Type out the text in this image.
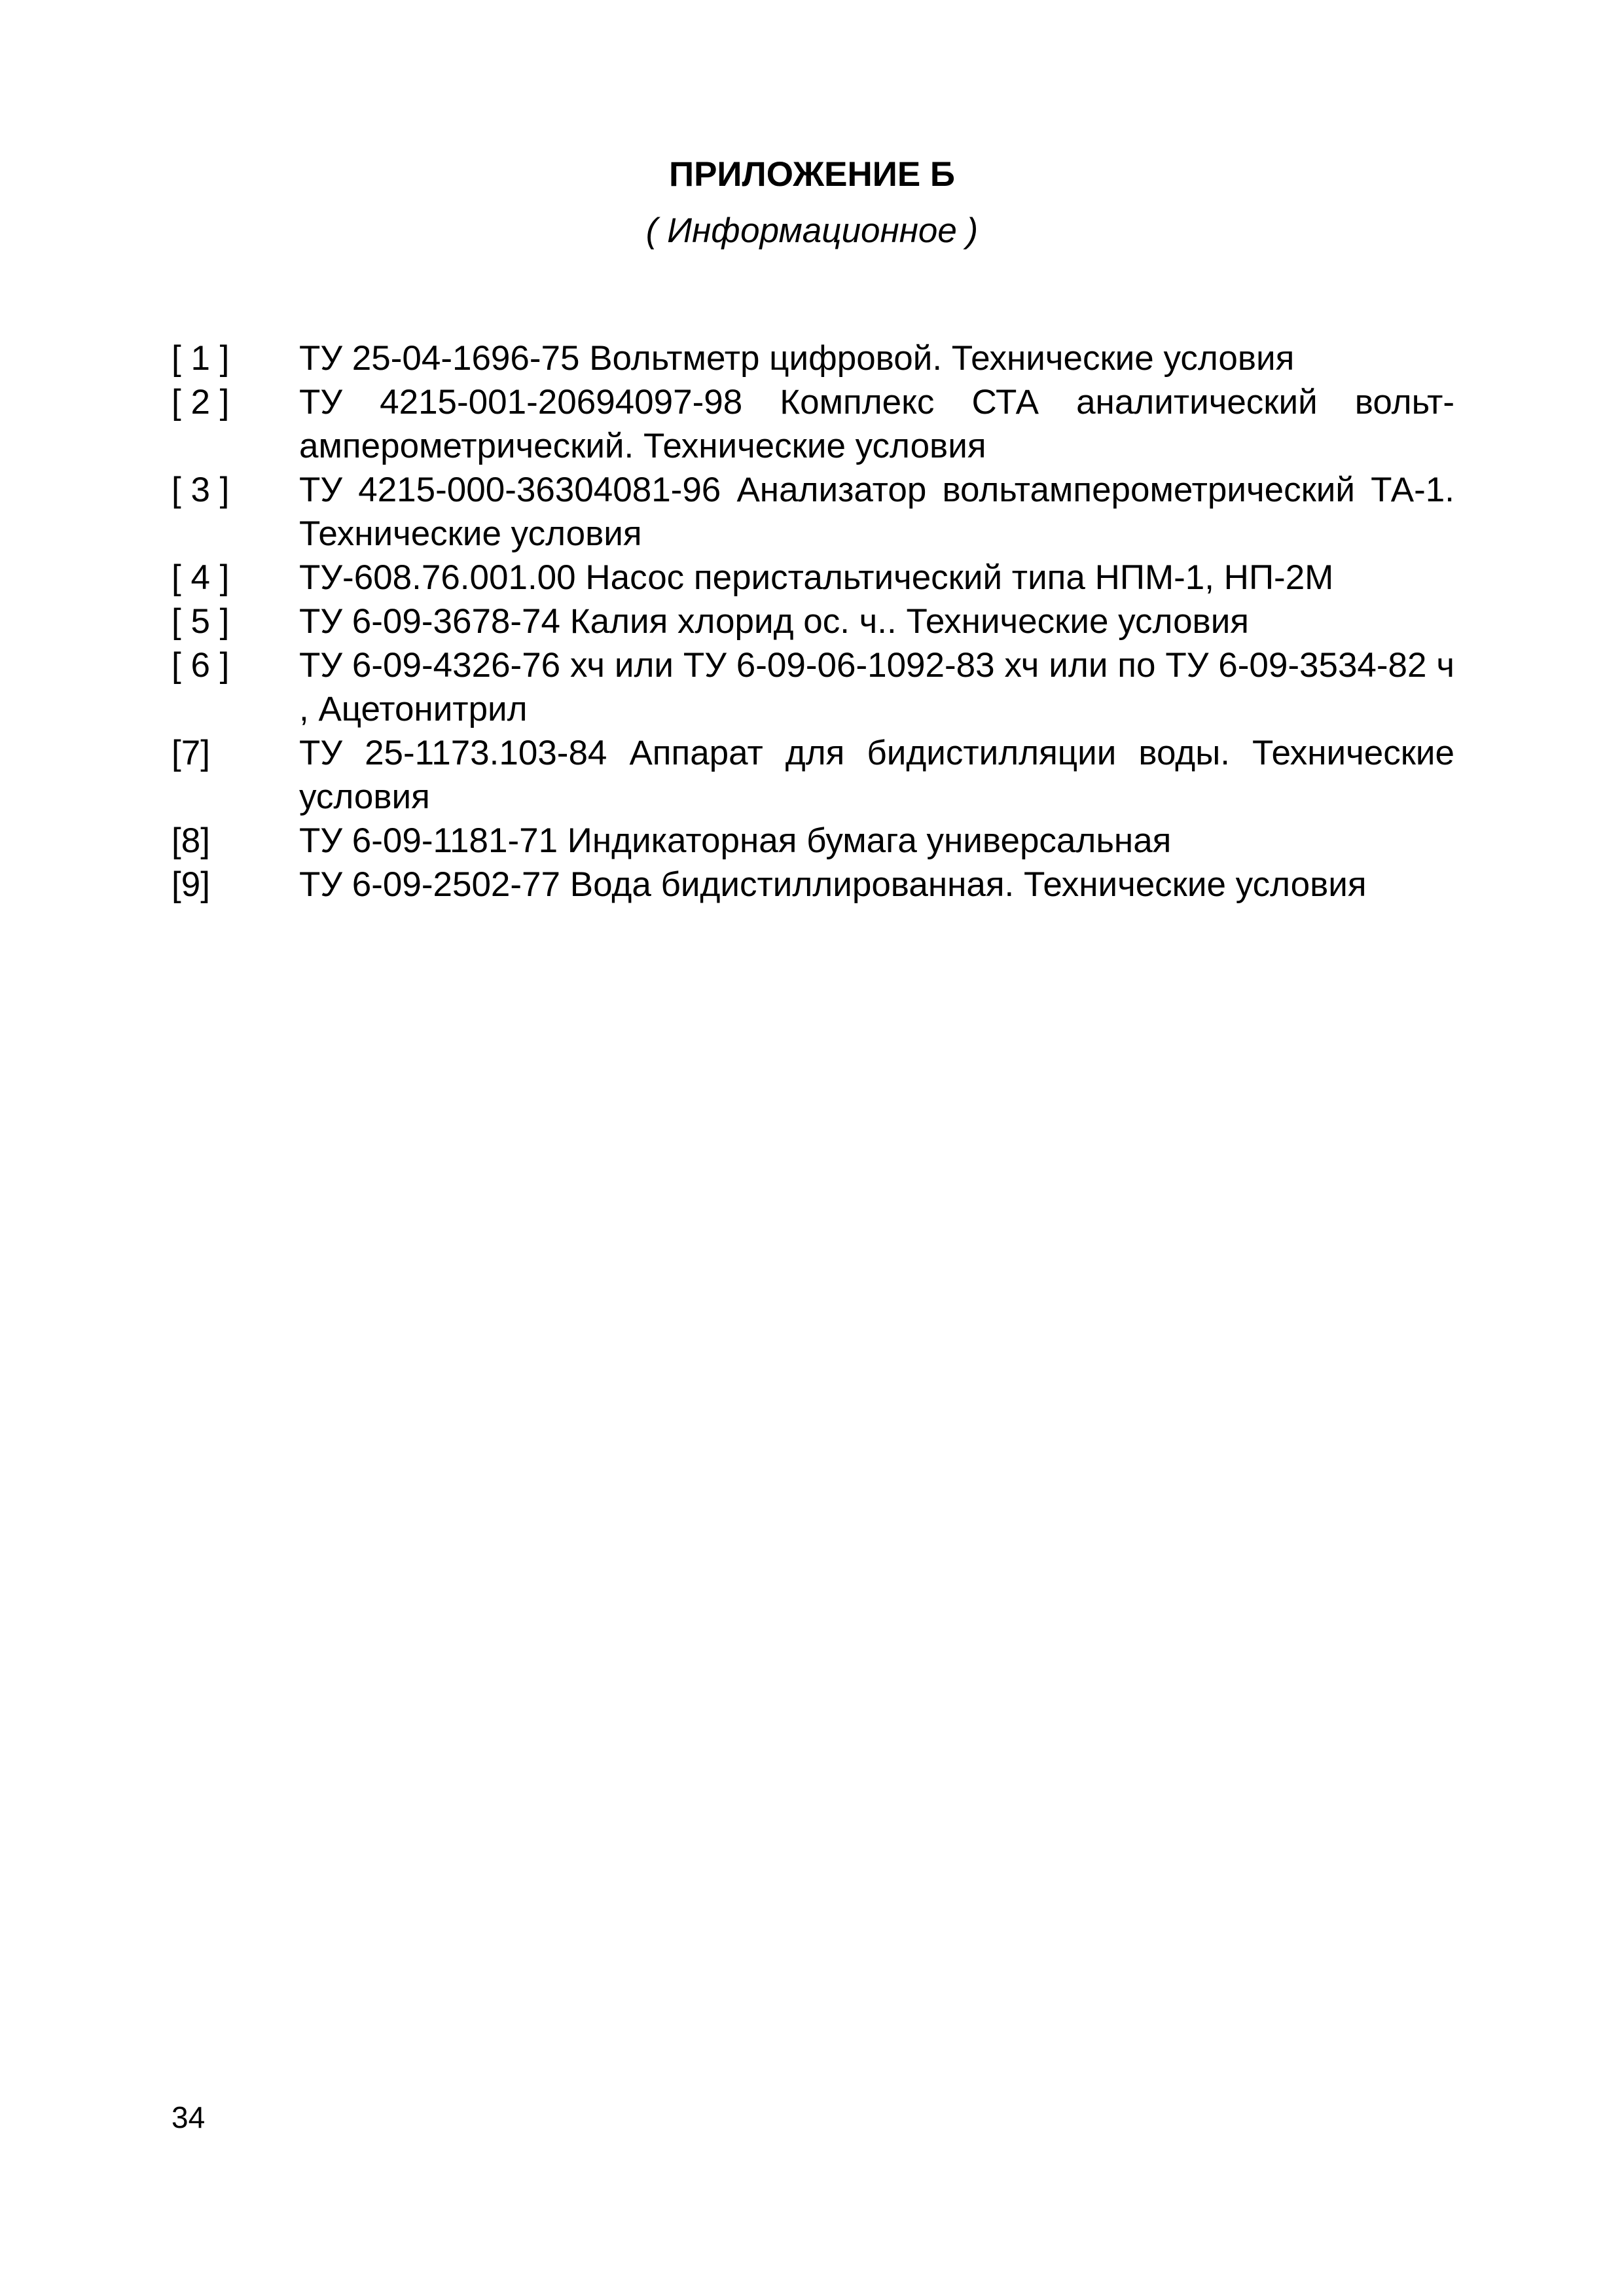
ПРИЛОЖЕНИЕ Б
( Информационное )
[ 1 ]	ТУ 25-04-1696-75 Вольтметр цифровой. Технические условия
[ 2 ]	ТУ 4215-001-20694097-98 Комплекс СТА аналитический вольтамперометрический. Технические условия
[ 3 ]	ТУ 4215-000-36304081-96 Анализатор вольтамперометрический ТА-1. Технические условия
[ 4 ]	ТУ-608.76.001.00 Насос перистальтический типа НПМ-1, НП-2М
[ 5 ]	ТУ 6-09-3678-74 Калия хлорид ос. ч.. Технические условия
[ 6 ]	ТУ 6-09-4326-76 хч или ТУ 6-09-06-1092-83 хч или по ТУ 6-09-3534-82 ч , Ацетонитрил
[7]	ТУ 25-1173.103-84 Аппарат для бидистилляции воды. Технические условия
[8]	ТУ 6-09-1181-71 Индикаторная бумага универсальная
[9]	ТУ 6-09-2502-77 Вода бидистиллированная. Технические условия
34
